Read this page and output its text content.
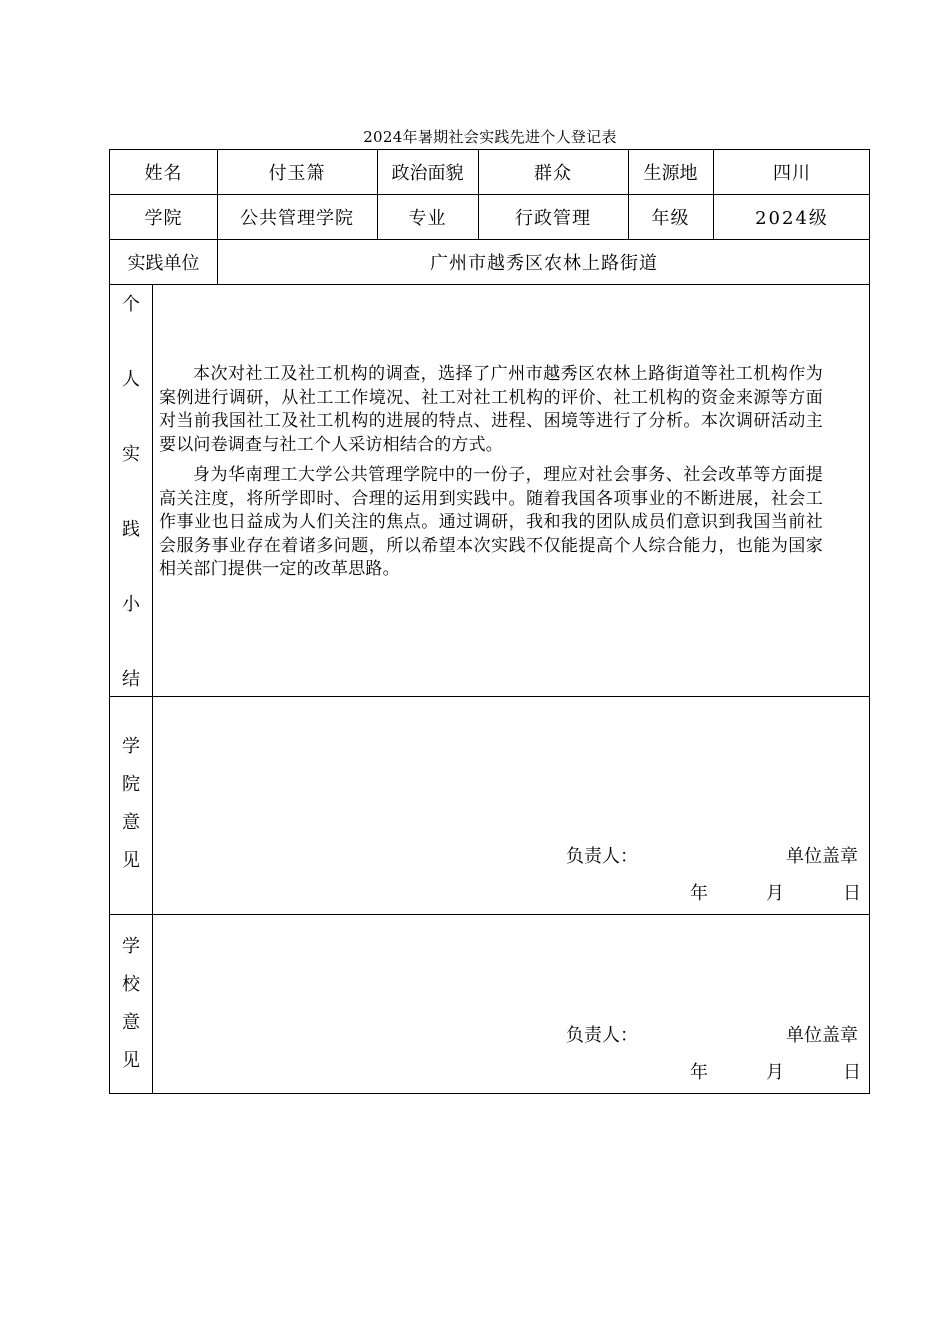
2024年暑期社会实践先进个人登记表
姓名	付玉箫	政治面貌	群众	生源地	四川
学院	公共管理学院	专业	行政管理	年级	2024级
实践单位	广州市越秀区农林上路街道
个
人
实
践
小
结

本次对社工及社工机构的调查，选择了广州市越秀区农林上路街道等社工机构作为案例进行调研，从社工工作境况、社工对社工机构的评价、社工机构的资金来源等方面对当前我国社工及社工机构的进展的特点、进程、困境等进行了分析。本次调研活动主要以问卷调查与社工个人采访相结合的方式。

身为华南理工大学公共管理学院中的一份子，理应对社会事务、社会改革等方面提高关注度，将所学即时、合理的运用到实践中。随着我国各项事业的不断进展，社会工作事业也日益成为人们关注的焦点。通过调研，我和我的团队成员们意识到我国当前社会服务事业存在着诸多问题，所以希望本次实践不仅能提高个人综合能力，也能为国家相关部门提供一定的改革思路。

学
院
意
见	负责人：	单位盖章
年	月	日
学
校
意
见
负责人：	单位盖章
年	月	日
